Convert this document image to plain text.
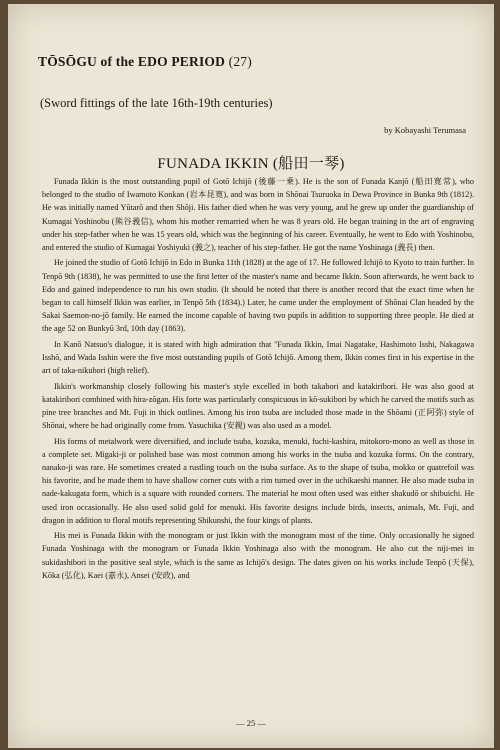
TŌSŌGU of the EDO PERIOD (27)
(Sword fittings of the late 16th-19th centuries)
by Kobayashi Terumasa
FUNADA IKKIN (船田一琴)

Funada Ikkin is the most outstanding pupil of Gotō Ichijō (後藤一乗). He is the son of Funada Kanjō (船田寛常), who belonged to the studio of Iwamoto Konkan (岩本昆寛), and was born in Shōnai Tsuruoka in Dewa Province in Bunka 9th (1812). He was initially named Yūtarō and then Shōji. His father died when he was very young, and he grew up under the guardianship of Kumagai Yoshinobu (熊谷義信), whom his mother remarried when he was 8 years old. He began training in the art of engraving under his step-father when he was 15 years old, which was the beginning of his career. Eventually, he went to Edo with Yoshinobu, and entered the studio of Kumagai Yoshiyuki (義之), teacher of his step-father. He got the name Yoshinaga (義長) then.

He joined the studio of Gotō Ichijō in Edo in Bunka 11th (1828) at the age of 17. He followed Ichijō to Kyoto to train further. In Tenpō 9th (1838), he was permitted to use the first letter of the master's name and became Ikkin. Soon afterwards, he went back to Edo and gained independence to run his own studio. (It should be noted that there is another record that the exact time when he began to call himself Ikkin was earlier, in Tenpō 5th (1834).) Later, he came under the employment of Shōnai Clan headed by the Sakai Saemon-no-jō family. He earned the income capable of having two pupils in addition to supporting three people. He died at the age 52 on Bunkyū 3rd, 10th day (1863).

In Kanō Natsuo's dialogue, it is stated with high admiration that "Funada Ikkin, Imai Nagatake, Hashimoto Isshi, Nakagawa Isshō, and Wada Isshin were the five most outstanding pupils of Gotō Ichijō. Among them, Ikkin comes first in his expertise in the art of taka-nikubori (high relief).

Ikkin's workmanship closely following his master's style excelled in both takabori and katakiribori. He was also good at katakiribori combined with hira-zōgan. His forte was particularly conspicuous in kō-sukibori by which he carved the motifs such as pine tree branches and Mt. Fuji in thick outlines. Among his iron tsuba are included those made in the Shōami (正阿弥) style of Shōnai, where he had originally come from. Yasuchika (安親) was also used as a model.

His forms of metalwork were diversified, and include tsuba, kozuka, menuki, fuchi-kashira, mitokoro-mono as well as those in a complete set. Migaki-ji or polished base was most common among his works in the tsuba and kozuka forms. On the contrary, nanako-ji was rare. He sometimes created a rustling touch on the tsuba surface. As to the shape of tsuba, mokko or quatrefoil was his favorite, and he made them to have shallow corner cuts with a rim turned over in the uchikaeshi manner. He also made tsuba in nade-kakugata form, which is a square with rounded corners. The material he most often used was either shakudō or shibuichi. He used iron occasionally. He also used solid gold for menuki. His favorite designs include birds, insects, animals, Mt. Fuji, and dragon in addition to floral motifs representing Shikunshi, the four kings of plants.

His mei is Funada Ikkin with the monogram or just Ikkin with the monogram most of the time. Only occasionally he signed Funada Yoshinaga with the monogram or Funada Ikkin Yoshinaga also with the monogram. He also cut the niji-mei in sukidashibori in the positive seal style, which is the same as Ichijō's design. The dates given on his works include Tenpō (天保), Kōka (弘化), Kaei (嘉永), Ansei (安政), and

— 25 —
